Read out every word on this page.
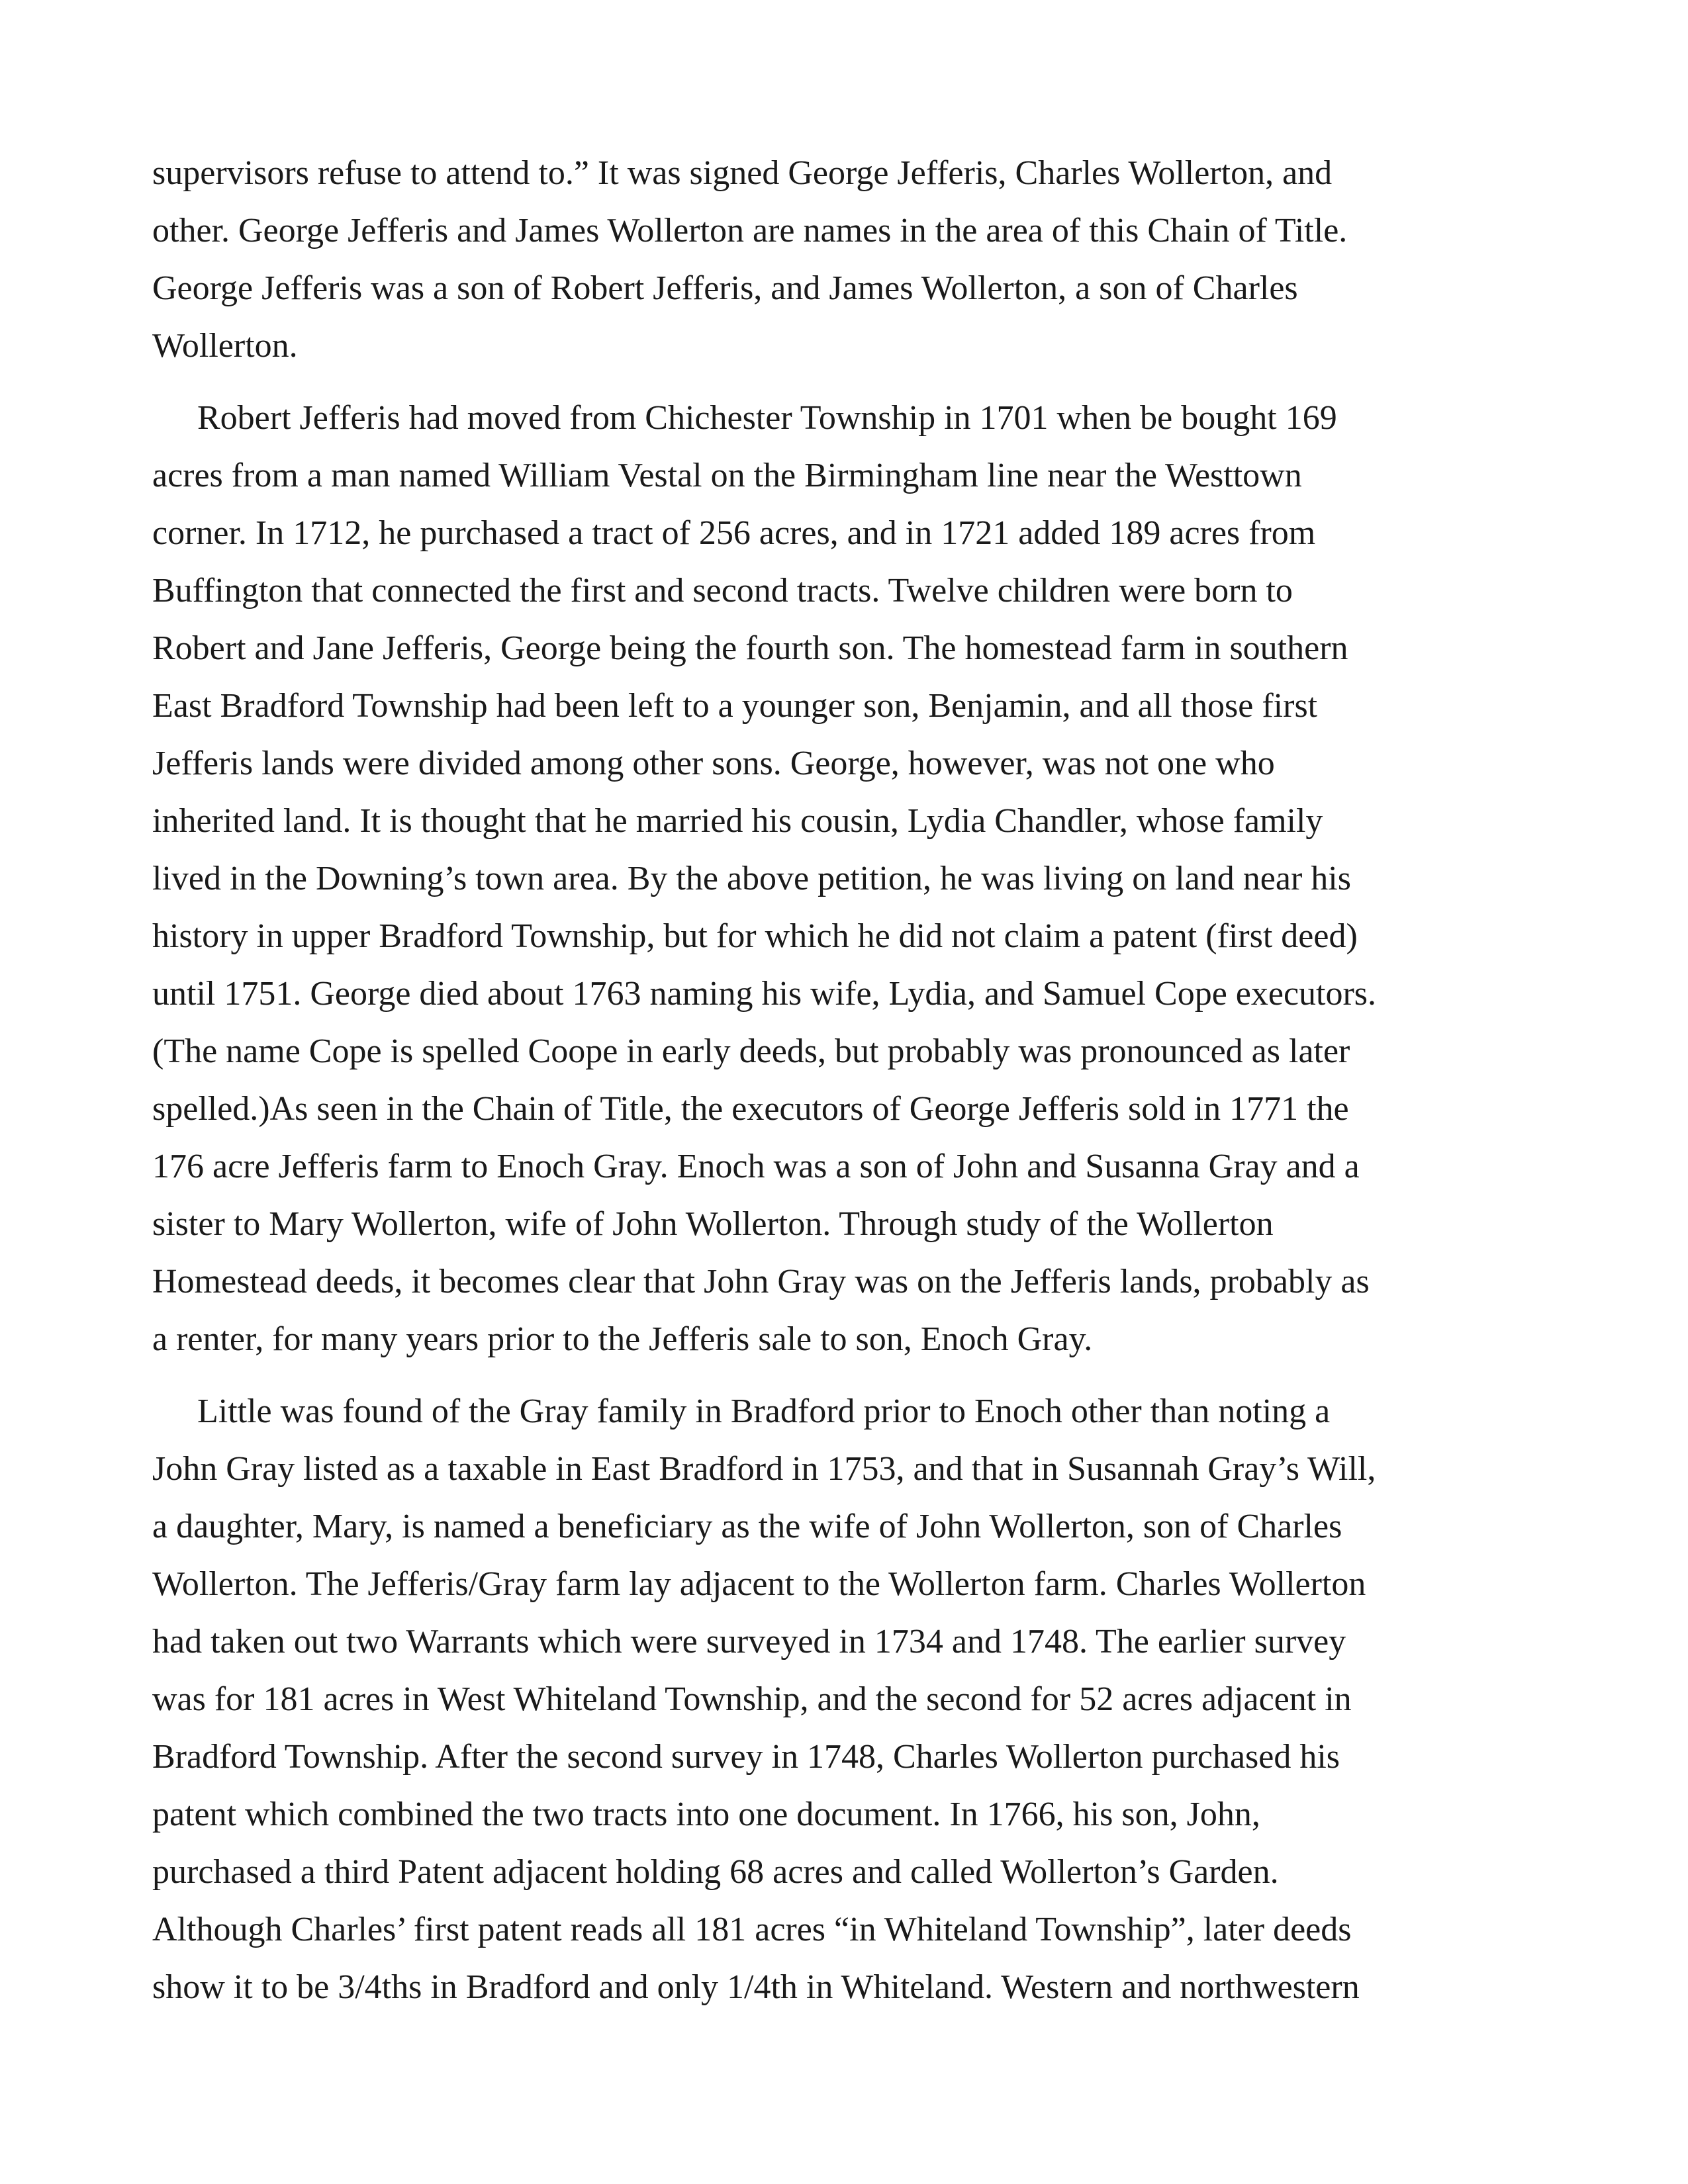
supervisors refuse to attend to.” It was signed George Jefferis, Charles Wollerton, and
other. George Jefferis and James Wollerton are names in the area of this Chain of Title.
George Jefferis was a son of Robert Jefferis, and James Wollerton, a son of Charles
Wollerton.
Robert Jefferis had moved from Chichester Township in 1701 when be bought 169
acres from a man named William Vestal on the Birmingham line near the Westtown
corner. In 1712, he purchased a tract of 256 acres, and in 1721 added 189 acres from
Buffington that connected the first and second tracts. Twelve children were born to
Robert and Jane Jefferis, George being the fourth son. The homestead farm in southern
East Bradford Township had been left to a younger son, Benjamin, and all those first
Jefferis lands were divided among other sons. George, however, was not one who
inherited land. It is thought that he married his cousin, Lydia Chandler, whose family
lived in the Downing’s town area. By the above petition, he was living on land near his
history in upper Bradford Township, but for which he did not claim a patent (first deed)
until 1751. George died about 1763 naming his wife, Lydia, and Samuel Cope executors.
(The name Cope is spelled Coope in early deeds, but probably was pronounced as later
spelled.)As seen in the Chain of Title, the executors of George Jefferis sold in 1771 the
176 acre Jefferis farm to Enoch Gray. Enoch was a son of John and Susanna Gray and a
sister to Mary Wollerton, wife of John Wollerton. Through study of the Wollerton
Homestead deeds, it becomes clear that John Gray was on the Jefferis lands, probably as
a renter, for many years prior to the Jefferis sale to son, Enoch Gray.
Little was found of the Gray family in Bradford prior to Enoch other than noting a
John Gray listed as a taxable in East Bradford in 1753, and that in Susannah Gray’s Will,
a daughter, Mary, is named a beneficiary as the wife of John Wollerton, son of Charles
Wollerton. The Jefferis/Gray farm lay adjacent to the Wollerton farm. Charles Wollerton
had taken out two Warrants which were surveyed in 1734 and 1748. The earlier survey
was for 181 acres in West Whiteland Township, and the second for 52 acres adjacent in
Bradford Township. After the second survey in 1748, Charles Wollerton purchased his
patent which combined the two tracts into one document. In 1766, his son, John,
purchased a third Patent adjacent holding 68 acres and called Wollerton’s Garden.
Although Charles’ first patent reads all 181 acres “in Whiteland Township”, later deeds
show it to be 3/4ths in Bradford and only 1/4th in Whiteland. Western and northwestern
